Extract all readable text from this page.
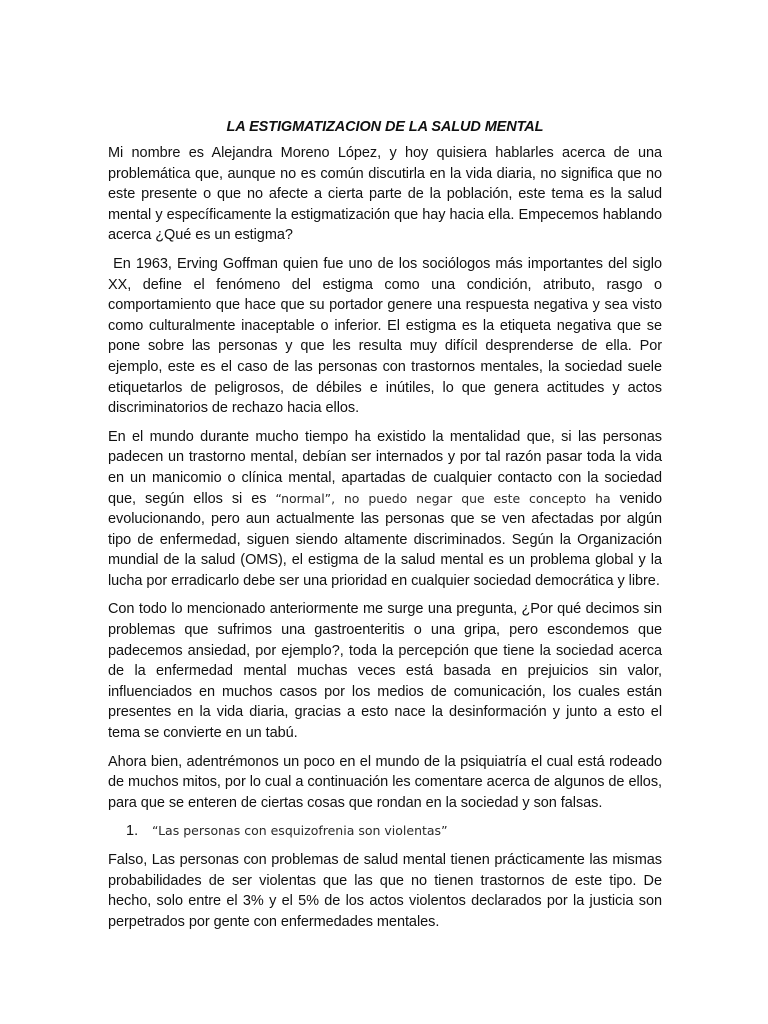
LA ESTIGMATIZACION DE LA SALUD MENTAL

Mi nombre es Alejandra Moreno López, y hoy quisiera hablarles acerca de una problemática que, aunque no es común discutirla en la vida diaria, no significa que no este presente o que no afecte a cierta parte de la población, este tema es la salud mental y específicamente la estigmatización que hay hacia ella. Empecemos hablando acerca ¿Qué es un estigma?

En 1963, Erving Goffman quien fue uno de los sociólogos más importantes del siglo XX, define el fenómeno del estigma como una condición, atributo, rasgo o comportamiento que hace que su portador genere una respuesta negativa y sea visto como culturalmente inaceptable o inferior. El estigma es la etiqueta negativa que se pone sobre las personas y que les resulta muy difícil desprenderse de ella. Por ejemplo, este es el caso de las personas con trastornos mentales, la sociedad suele etiquetarlos de peligrosos, de débiles e inútiles, lo que genera actitudes y actos discriminatorios de rechazo hacia ellos.

En el mundo durante mucho tiempo ha existido la mentalidad que, si las personas padecen un trastorno mental, debían ser internados y por tal razón pasar toda la vida en un manicomio o clínica mental, apartadas de cualquier contacto con la sociedad que, según ellos si es “normal”, no puedo negar que este concepto ha venido evolucionando, pero aun actualmente las personas que se ven afectadas por algún tipo de enfermedad, siguen siendo altamente discriminados. Según la Organización mundial de la salud (OMS), el estigma de la salud mental es un problema global y la lucha por erradicarlo debe ser una prioridad en cualquier sociedad democrática y libre.

Con todo lo mencionado anteriormente me surge una pregunta, ¿Por qué decimos sin problemas que sufrimos una gastroenteritis o una gripa, pero escondemos que padecemos ansiedad, por ejemplo?, toda la percepción que tiene la sociedad acerca de la enfermedad mental muchas veces está basada en prejuicios sin valor, influenciados en muchos casos por los medios de comunicación, los cuales están presentes en la vida diaria, gracias a esto nace la desinformación y junto a esto el tema se convierte en un tabú.

Ahora bien, adentrémonos un poco en el mundo de la psiquiatría el cual está rodeado de muchos mitos, por lo cual a continuación les comentare acerca de algunos de ellos, para que se enteren de ciertas cosas que rondan en la sociedad y son falsas.

1. “Las personas con esquizofrenia son violentas”

Falso, Las personas con problemas de salud mental tienen prácticamente las mismas probabilidades de ser violentas que las que no tienen trastornos de este tipo. De hecho, solo entre el 3% y el 5% de los actos violentos declarados por la justicia son perpetrados por gente con enfermedades mentales.
